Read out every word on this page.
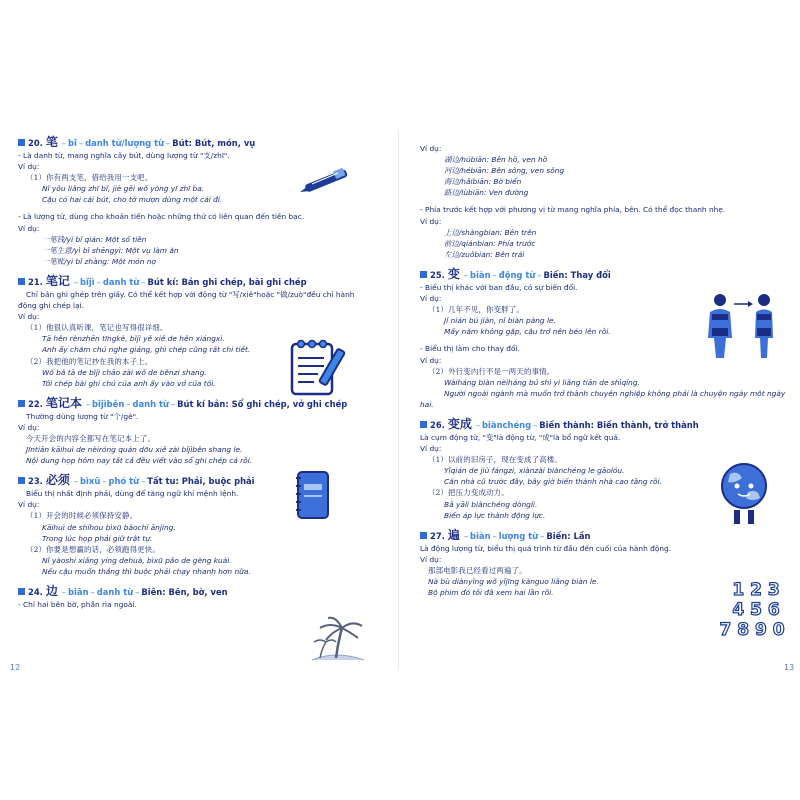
20. 笔 – bǐ – danh từ/lượng từ – Bút: Bút, món, vụ
- Là danh từ, mang nghĩa cây bút, dùng lượng từ "支/zhī".
Ví dụ:
（1）你有两支笔，借给我用一支吧。
Nǐ yǒu liǎng zhī bǐ, jiè gěi wǒ yòng yī zhī ba.
Cậu có hai cái bút, cho tớ mượn dùng một cái đi.
- Là lượng từ, dùng cho khoản tiền hoặc những thứ có liên quan đến tiền bạc.
Ví dụ:
一笔钱/yì bǐ qián: Một số tiền
一笔生意/yì bǐ shēngyì: Một vụ làm ăn
一笔账/yì bǐ zhàng: Một món nợ
21. 笔记 – bǐjì – danh từ – Bút kí: Bản ghi chép, bài ghi chép
Chỉ bản ghi ghép trên giấy. Có thể kết hợp với động từ "写/xiě"hoặc "做/zuò"đều chỉ hành
động ghi chép lại.
Ví dụ:
（1）他很认真听课，笔记也写得很详细。
Tā hěn rènzhēn tīngkè, bǐjì yě xiě de hěn xiángxì.
Anh ấy chăm chú nghe giảng, ghi chép cũng rất chi tiết.
（2）我把他的笔记抄在我的本子上。
Wǒ bǎ tā de bǐjì chāo zài wǒ de běnzi shang.
Tôi chép bài ghi chú của anh ấy vào vở của tôi.
22. 笔记本 – bǐjìběn – danh từ – Bút kí bản: Sổ ghi chép, vở ghi chép
Thường dùng lượng từ "个/gè".
Ví dụ:
今天开会的内容全都写在笔记本上了。
Jīntiān kāihuì de nèiróng quán dōu xiě zài bǐjìběn shang le.
Nội dung họp hôm nay tất cả đều viết vào sổ ghi chép cả rồi.
23. 必须 – bìxū – phó từ – Tất tu: Phải, buộc phải
Biểu thị nhất định phải, dùng để tăng ngữ khí mệnh lệnh.
Ví dụ:
（1）开会的时候必须保持安静。
Kāihuì de shíhou bìxū bǎochí ānjìng.
Trong lúc họp phải giữ trật tự.
（2）你要是想赢的话，必须跑得更快。
Nǐ yàoshi xiǎng yíng dehuà, bìxū pǎo de gèng kuài.
Nếu cậu muốn thắng thì buộc phải chạy nhanh hơn nữa.
24. 边 – biān – danh từ – Biên: Bên, bờ, ven
- Chỉ hai bên bờ, phần rìa ngoài.
12
Ví dụ:
湖边/húbiān: Bên hồ, ven hồ
河边/hébiān: Bên sông, ven sông
海边/hǎibiān: Bờ biển
路边/lùbiān: Ven đường
- Phía trước kết hợp với phương vị từ mang nghĩa phía, bên. Có thể đọc thanh nhẹ.
Ví dụ:
上边/shàngbian: Bên trên
前边/qiánbian: Phía trước
左边/zuǒbian: Bên trái
25. 变 – biàn – động từ – Biến: Thay đổi
- Biểu thị khác với ban đầu, có sự biến đổi.
Ví dụ:
（1）几年不见，你变胖了。
Jǐ nián bú jiàn, nǐ biàn pàng le.
Mấy năm không gặp, cậu trở nên béo lên rồi.
- Biểu thị làm cho thay đổi.
Ví dụ:
（2）外行变内行不是一两天的事情。
Wàiháng biàn nèiháng bú shì yì liǎng tiān de shìqíng.
Người ngoài ngành mà muốn trở thành chuyên nghiệp không phải là chuyện ngày một ngày
hai.
26. 变成 – biànchéng – Biến thành: Biến thành, trở thành
Là cụm động từ, "变"là động từ, "成"là bổ ngữ kết quả.
Ví dụ:
（1）以前的旧房子，现在变成了高楼。
Yǐqián de jiù fángzi, xiànzài biànchéng le gāolóu.
Căn nhà cũ trước đây, bây giờ biến thành nhà cao tầng rồi.
（2）把压力变成动力。
Bǎ yālì biànchéng dònglì.
Biến áp lực thành động lực.
27. 遍 – biàn – lượng từ – Biến: Lần
Là động lượng từ, biểu thị quá trình từ đầu đến cuối của hành động.
Ví dụ:
那部电影我已经看过两遍了。
Nà bù diànyǐng wǒ yǐjīng kànguo liǎng biàn le.
Bộ phim đó tôi đã xem hai lần rồi.
13
1 2 3
4 5 6
7 8 9 0
